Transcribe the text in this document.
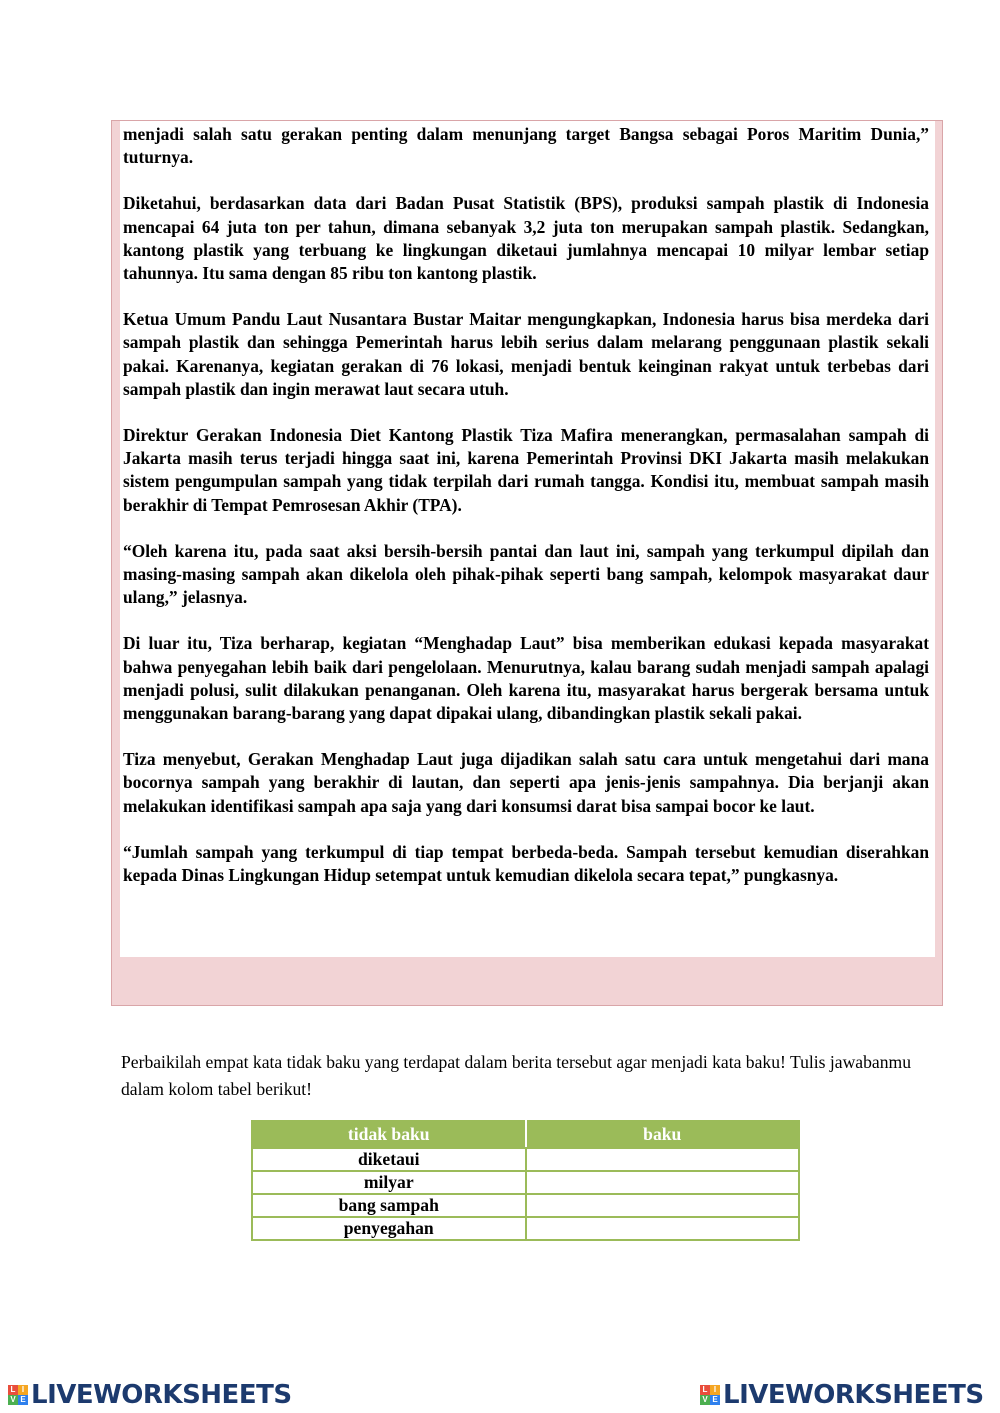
menjadi salah satu gerakan penting dalam menunjang target Bangsa sebagai Poros Maritim Dunia,” tuturnya.

Diketahui, berdasarkan data dari Badan Pusat Statistik (BPS), produksi sampah plastik di Indonesia mencapai 64 juta ton per tahun, dimana sebanyak 3,2 juta ton merupakan sampah plastik. Sedangkan, kantong plastik yang terbuang ke lingkungan diketaui jumlahnya mencapai 10 milyar lembar setiap tahunnya. Itu sama dengan 85 ribu ton kantong plastik.

Ketua Umum Pandu Laut Nusantara Bustar Maitar mengungkapkan, Indonesia harus bisa merdeka dari sampah plastik dan sehingga Pemerintah harus lebih serius dalam melarang penggunaan plastik sekali pakai. Karenanya, kegiatan gerakan di 76 lokasi, menjadi bentuk keinginan rakyat untuk terbebas dari sampah plastik dan ingin merawat laut secara utuh.

Direktur Gerakan Indonesia Diet Kantong Plastik Tiza Mafira menerangkan, permasalahan sampah di Jakarta masih terus terjadi hingga saat ini, karena Pemerintah Provinsi DKI Jakarta masih melakukan sistem pengumpulan sampah yang tidak terpilah dari rumah tangga. Kondisi itu, membuat sampah masih berakhir di Tempat Pemrosesan Akhir (TPA).

“Oleh karena itu, pada saat aksi bersih-bersih pantai dan laut ini, sampah yang terkumpul dipilah dan masing-masing sampah akan dikelola oleh pihak-pihak seperti bang sampah, kelompok masyarakat daur ulang,” jelasnya.

Di luar itu, Tiza berharap, kegiatan “Menghadap Laut” bisa memberikan edukasi kepada masyarakat bahwa penyegahan lebih baik dari pengelolaan. Menurutnya, kalau barang sudah menjadi sampah apalagi menjadi polusi, sulit dilakukan penanganan. Oleh karena itu, masyarakat harus bergerak bersama untuk menggunakan barang-barang yang dapat dipakai ulang, dibandingkan plastik sekali pakai.

Tiza menyebut, Gerakan Menghadap Laut juga dijadikan salah satu cara untuk mengetahui dari mana bocornya sampah yang berakhir di lautan, dan seperti apa jenis-jenis sampahnya. Dia berjanji akan melakukan identifikasi sampah apa saja yang dari konsumsi darat bisa sampai bocor ke laut.

“Jumlah sampah yang terkumpul di tiap tempat berbeda-beda. Sampah tersebut kemudian diserahkan kepada Dinas Lingkungan Hidup setempat untuk kemudian dikelola secara tepat,” pungkasnya.

Perbaikilah empat kata tidak baku yang terdapat dalam berita tersebut agar menjadi kata baku! Tulis jawabanmu dalam kolom tabel berikut!

tidak baku	baku
diketaui	
milyar	
bang sampah	
penyegahan	
L I
V E LIVEWORKSHEETS	L I
V E LIVEWORKSHEETS
